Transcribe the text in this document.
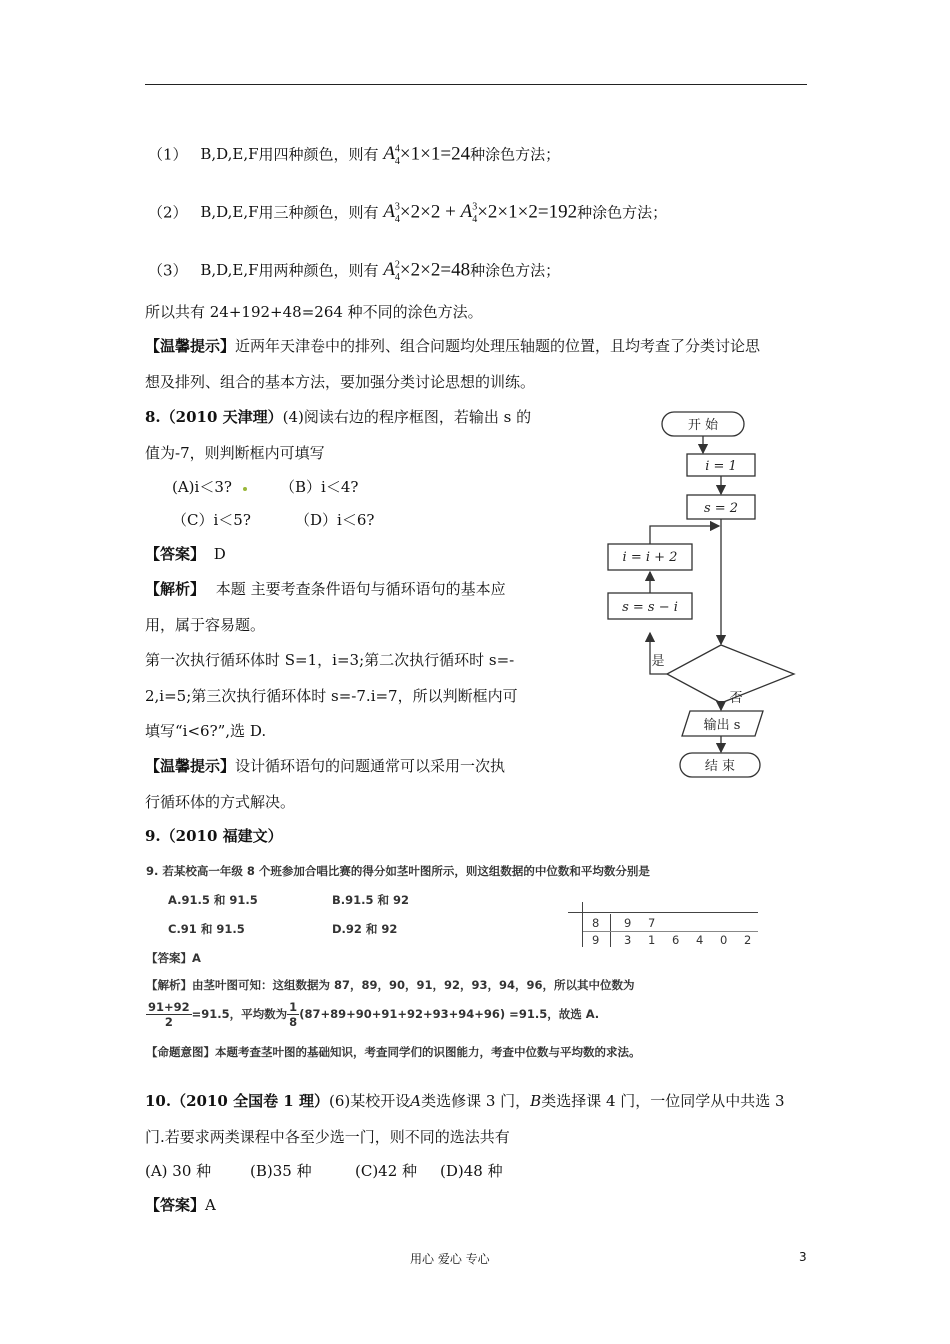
（1） B,D,E,F用四种颜色，则有 $A^4_4\times 1\times 1=24$种涂色方法；
（2） B,D,E,F用三种颜色，则有 $A^3_4\times 2\times 2 + A^3_4\times 2\times 1\times 2=192$种涂色方法；
（3） B,D,E,F用两种颜色，则有 $A^2_4\times 2\times 2=48$种涂色方法；
所以共有 24+192+48=264 种不同的涂色方法。
【温馨提示】近两年天津卷中的排列、组合问题均处理压轴题的位置，且均考查了分类讨论思
想及排列、组合的基本方法，要加强分类讨论思想的训练。
8.（2010 天津理）(4)阅读右边的程序框图，若输出 s 的
值为-7，则判断框内可填写
(A)i＜3?	（B）i＜4?
（C）i＜5?	（D）i＜6?
【答案】 D
【解析】 本题 主要考查条件语句与循环语句的基本应
用，属于容易题。
第一次执行循环体时 S=1，i=3;第二次执行循环时 s=-
2,i=5;第三次执行循环体时 s=-7.i=7，所以判断框内可
填写“i<6?”,选 D.
【温馨提示】设计循环语句的问题通常可以采用一次执
行循环体的方式解决。
开 始
i = 1
s = 2
i = i + 2
s = s − i
是
否
输出 s
结 束
9.（2010 福建文）
9. 若某校高一年级 8 个班参加合唱比赛的得分如茎叶图所示，则这组数据的中位数和平均数分别是
A.91.5 和 91.5	B.91.5 和 92
C.91 和 91.5	D.92 和 92	8 9 7
9 3 1 6 4 0 2
【答案】A
【解析】由茎叶图可知：这组数据为 87，89，90，91，92，93，94，96，所以其中位数为
$\frac{91+92}{2} =91.5$，平均数为 $\frac{1}{8} (87+89+90+91+92+93+94+96) =91.5$，故选 A.
【命题意图】本题考查茎叶图的基础知识，考查同学们的识图能力，考查中位数与平均数的求法。
10.（2010 全国卷 1 理）(6)某校开设A类选修课 3 门，B类选择课 4 门，一位同学从中共选 3
门.若要求两类课程中各至少选一门，则不同的选法共有
(A) 30 种	(B)35 种	(C)42 种 (D)48 种
【答案】A
用心 爱心 专心	3
